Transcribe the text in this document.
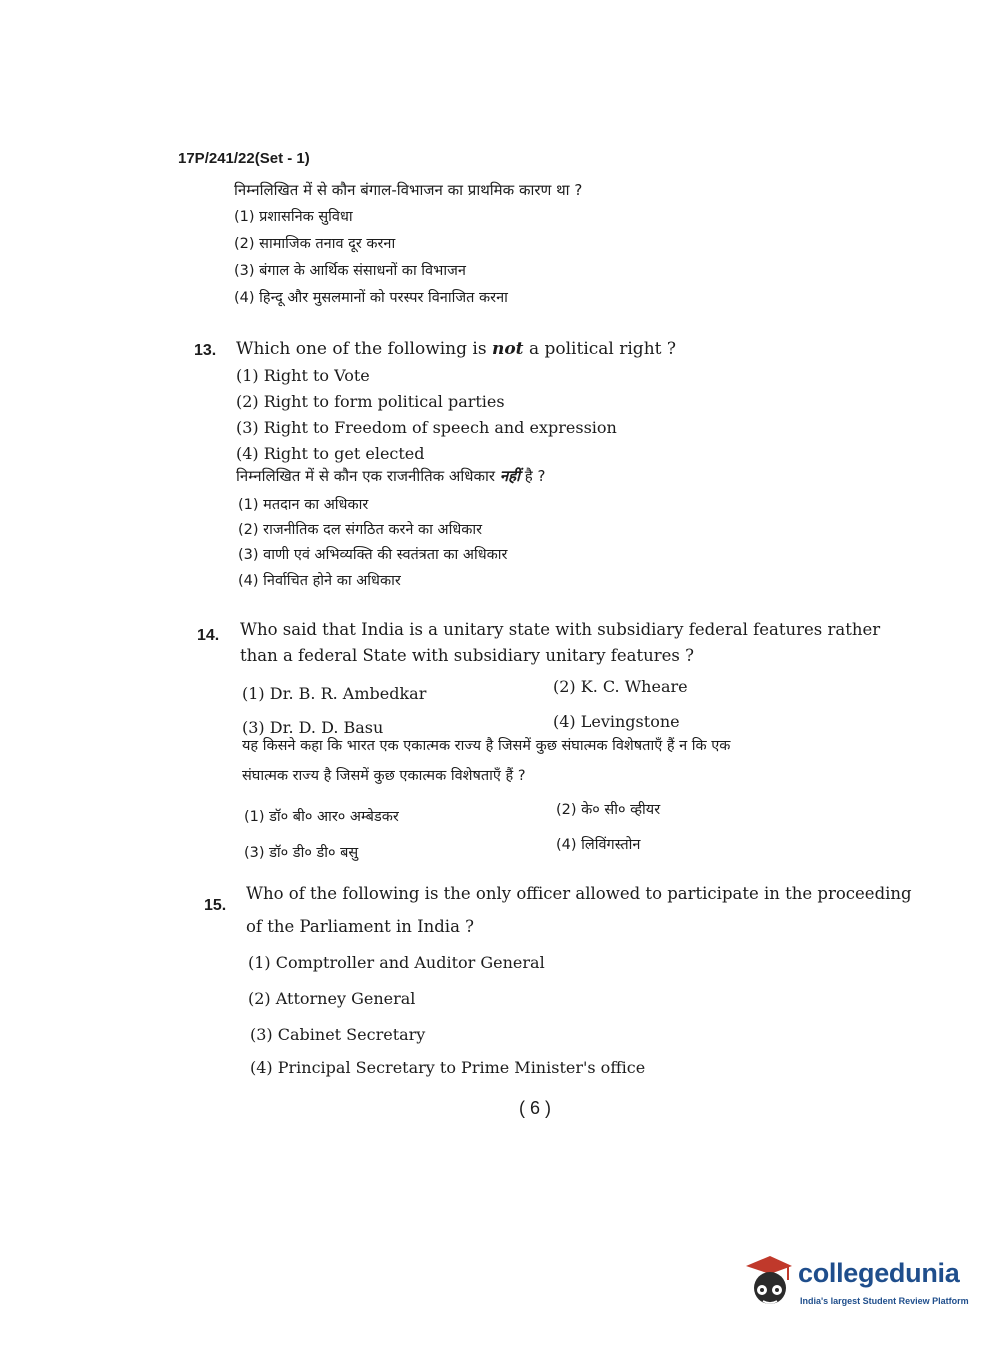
17P/241/22(Set - 1)
निम्नलिखित में से कौन बंगाल-विभाजन का प्राथमिक कारण था ?
(1) प्रशासनिक सुविधा
(2) सामाजिक तनाव दूर करना
(3) बंगाल के आर्थिक संसाधनों का विभाजन
(4) हिन्दू और मुसलमानों को परस्पर विनाजित करना
13. Which one of the following is not a political right ?
(1) Right to Vote
(2) Right to form political parties
(3) Right to Freedom of speech and expression
(4) Right to get elected
निम्नलिखित में से कौन एक राजनीतिक अधिकार नहीं है ?
(1) मतदान का अधिकार
(2) राजनीतिक दल संगठित करने का अधिकार
(3) वाणी एवं अभिव्यक्ति की स्वतंत्रता का अधिकार
(4) निर्वाचित होने का अधिकार
14. Who said that India is a unitary state with subsidiary federal features rather
than a federal State with subsidiary unitary features ?
(1) Dr. B. R. Ambedkar	(2) K. C. Wheare
(3) Dr. D. D. Basu	(4) Levingstone
यह किसने कहा कि भारत एक एकात्मक राज्य है जिसमें कुछ संघात्मक विशेषताएँ हैं न कि एक
संघात्मक राज्य है जिसमें कुछ एकात्मक विशेषताएँ हैं ?
(1) डॉ० बी० आर० अम्बेडकर	(2) के० सी० व्हीयर
(3) डॉ० डी० डी० बसु	(4) लिविंगस्तोन
15.
Who of the following is the only officer allowed to participate in the proceeding
of the Parliament in India ?
(1) Comptroller and Auditor General
(2) Attorney General
(3) Cabinet Secretary
(4) Principal Secretary to Prime Minister's office
( 6 )
collegedunia
India's largest Student Review Platform
